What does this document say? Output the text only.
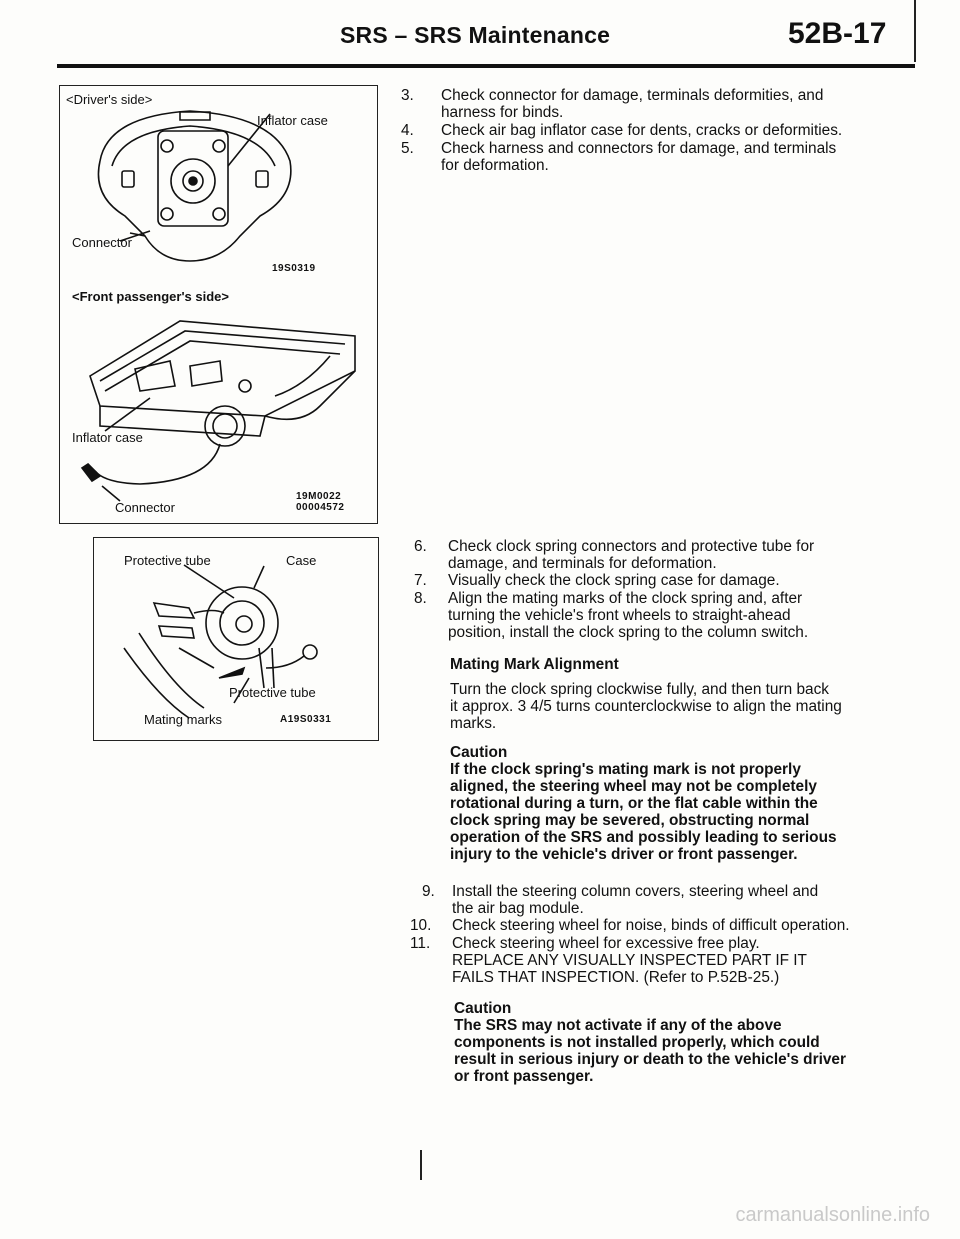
SRS – SRS Maintenance	52B-17
<Driver's side>
Inflator case
Connector
19S0319
<Front passenger's side>
Inflator case
Connector
19M0022
00004572
Protective tube	Case
Protective tube
Mating marks	A19S0331
3. Check connector for damage, terminals deformities, and
harness for binds.
4. Check air bag inflator case for dents, cracks or deformities.
5. Check harness and connectors for damage, and terminals
for deformation.
6. Check clock spring connectors and protective tube for
damage, and terminals for deformation.
7. Visually check the clock spring case for damage.
8. Align the mating marks of the clock spring and, after
turning the vehicle's front wheels to straight-ahead
position, install the clock spring to the column switch.
Mating Mark Alignment
Turn the clock spring clockwise fully, and then turn back
it approx. 3 4/5 turns counterclockwise to align the mating
marks.
Caution
If the clock spring's mating mark is not properly
aligned, the steering wheel may not be completely
rotational during a turn, or the flat cable within the
clock spring may be severed, obstructing normal
operation of the SRS and possibly leading to serious
injury to the vehicle's driver or front passenger.
9. Install the steering column covers, steering wheel and
the air bag module.
10. Check steering wheel for noise, binds of difficult operation.
11. Check steering wheel for excessive free play.
REPLACE ANY VISUALLY INSPECTED PART IF IT
FAILS THAT INSPECTION. (Refer to P.52B-25.)
Caution
The SRS may not activate if any of the above
components is not installed properly, which could
result in serious injury or death to the vehicle's driver
or front passenger.
carmanualsonline.info
